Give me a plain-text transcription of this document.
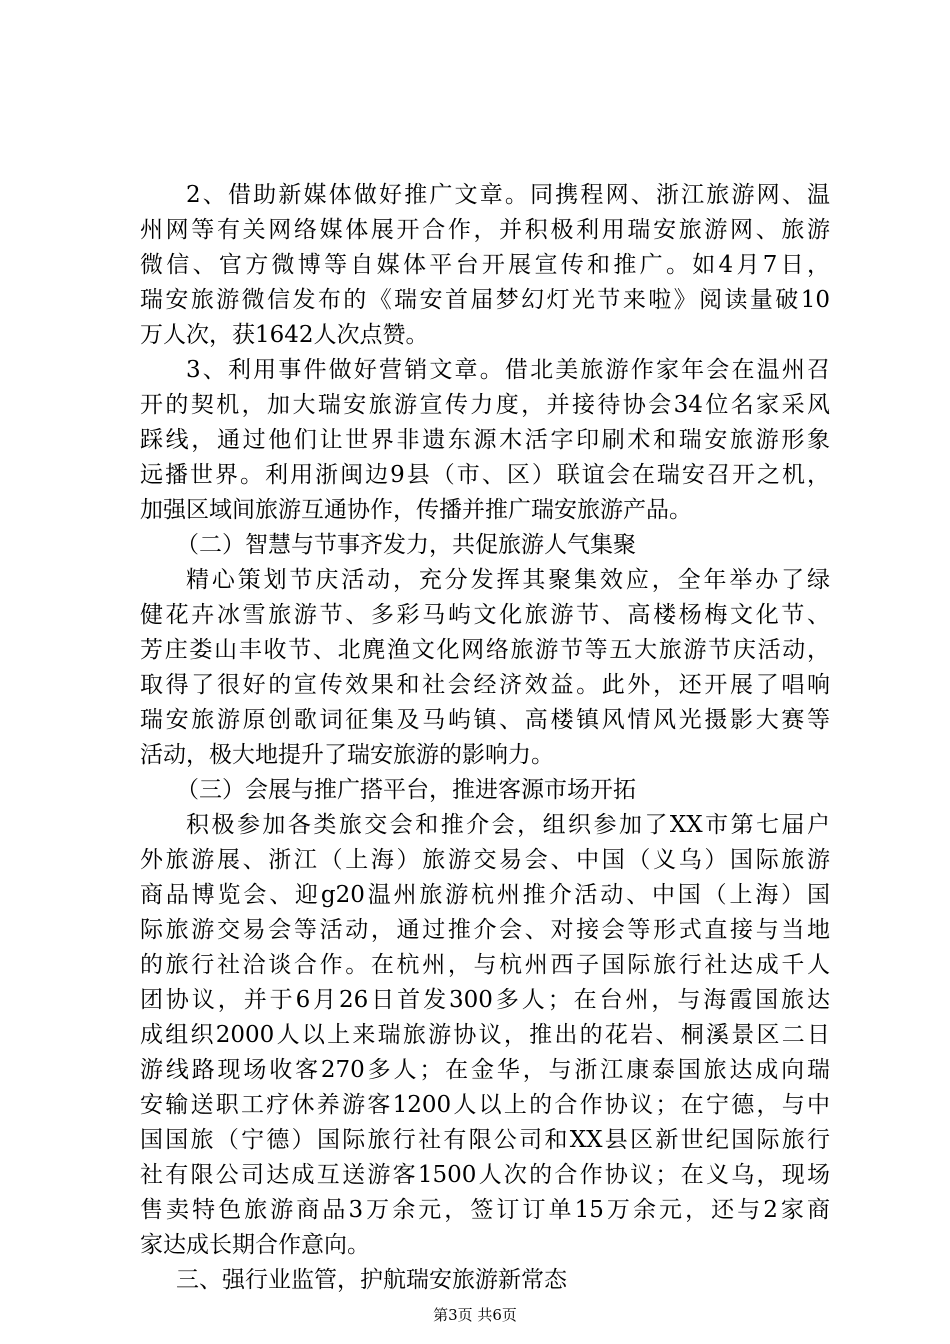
2、借助新媒体做好推广文章。同携程网、浙江旅游网、温
州网等有关网络媒体展开合作，并积极利用瑞安旅游网、旅游
微信、官方微博等自媒体平台开展宣传和推广。如4月7日，
瑞安旅游微信发布的《瑞安首届梦幻灯光节来啦》阅读量破10
万人次，获1642人次点赞。
3、利用事件做好营销文章。借北美旅游作家年会在温州召
开的契机，加大瑞安旅游宣传力度，并接待协会34位名家采风
踩线，通过他们让世界非遗东源木活字印刷术和瑞安旅游形象
远播世界。利用浙闽边9县（市、区）联谊会在瑞安召开之机，
加强区域间旅游互通协作，传播并推广瑞安旅游产品。
（二）智慧与节事齐发力，共促旅游人气集聚
精心策划节庆活动，充分发挥其聚集效应，全年举办了绿
健花卉冰雪旅游节、多彩马屿文化旅游节、高楼杨梅文化节、
芳庄娄山丰收节、北麂渔文化网络旅游节等五大旅游节庆活动，
取得了很好的宣传效果和社会经济效益。此外，还开展了唱响
瑞安旅游原创歌词征集及马屿镇、高楼镇风情风光摄影大赛等
活动，极大地提升了瑞安旅游的影响力。
（三）会展与推广搭平台，推进客源市场开拓
积极参加各类旅交会和推介会，组织参加了XX市第七届户
外旅游展、浙江（上海）旅游交易会、中国（义乌）国际旅游
商品博览会、迎g20温州旅游杭州推介活动、中国（上海）国
际旅游交易会等活动，通过推介会、对接会等形式直接与当地
的旅行社洽谈合作。在杭州，与杭州西子国际旅行社达成千人
团协议，并于6月26日首发300多人；在台州，与海霞国旅达
成组织2000人以上来瑞旅游协议，推出的花岩、桐溪景区二日
游线路现场收客270多人；在金华，与浙江康泰国旅达成向瑞
安输送职工疗休养游客1200人以上的合作协议；在宁德，与中
国国旅（宁德）国际旅行社有限公司和XX县区新世纪国际旅行
社有限公司达成互送游客1500人次的合作协议；在义乌，现场
售卖特色旅游商品3万余元，签订订单15万余元，还与2家商
家达成长期合作意向。
三、强行业监管，护航瑞安旅游新常态
第3页 共6页
